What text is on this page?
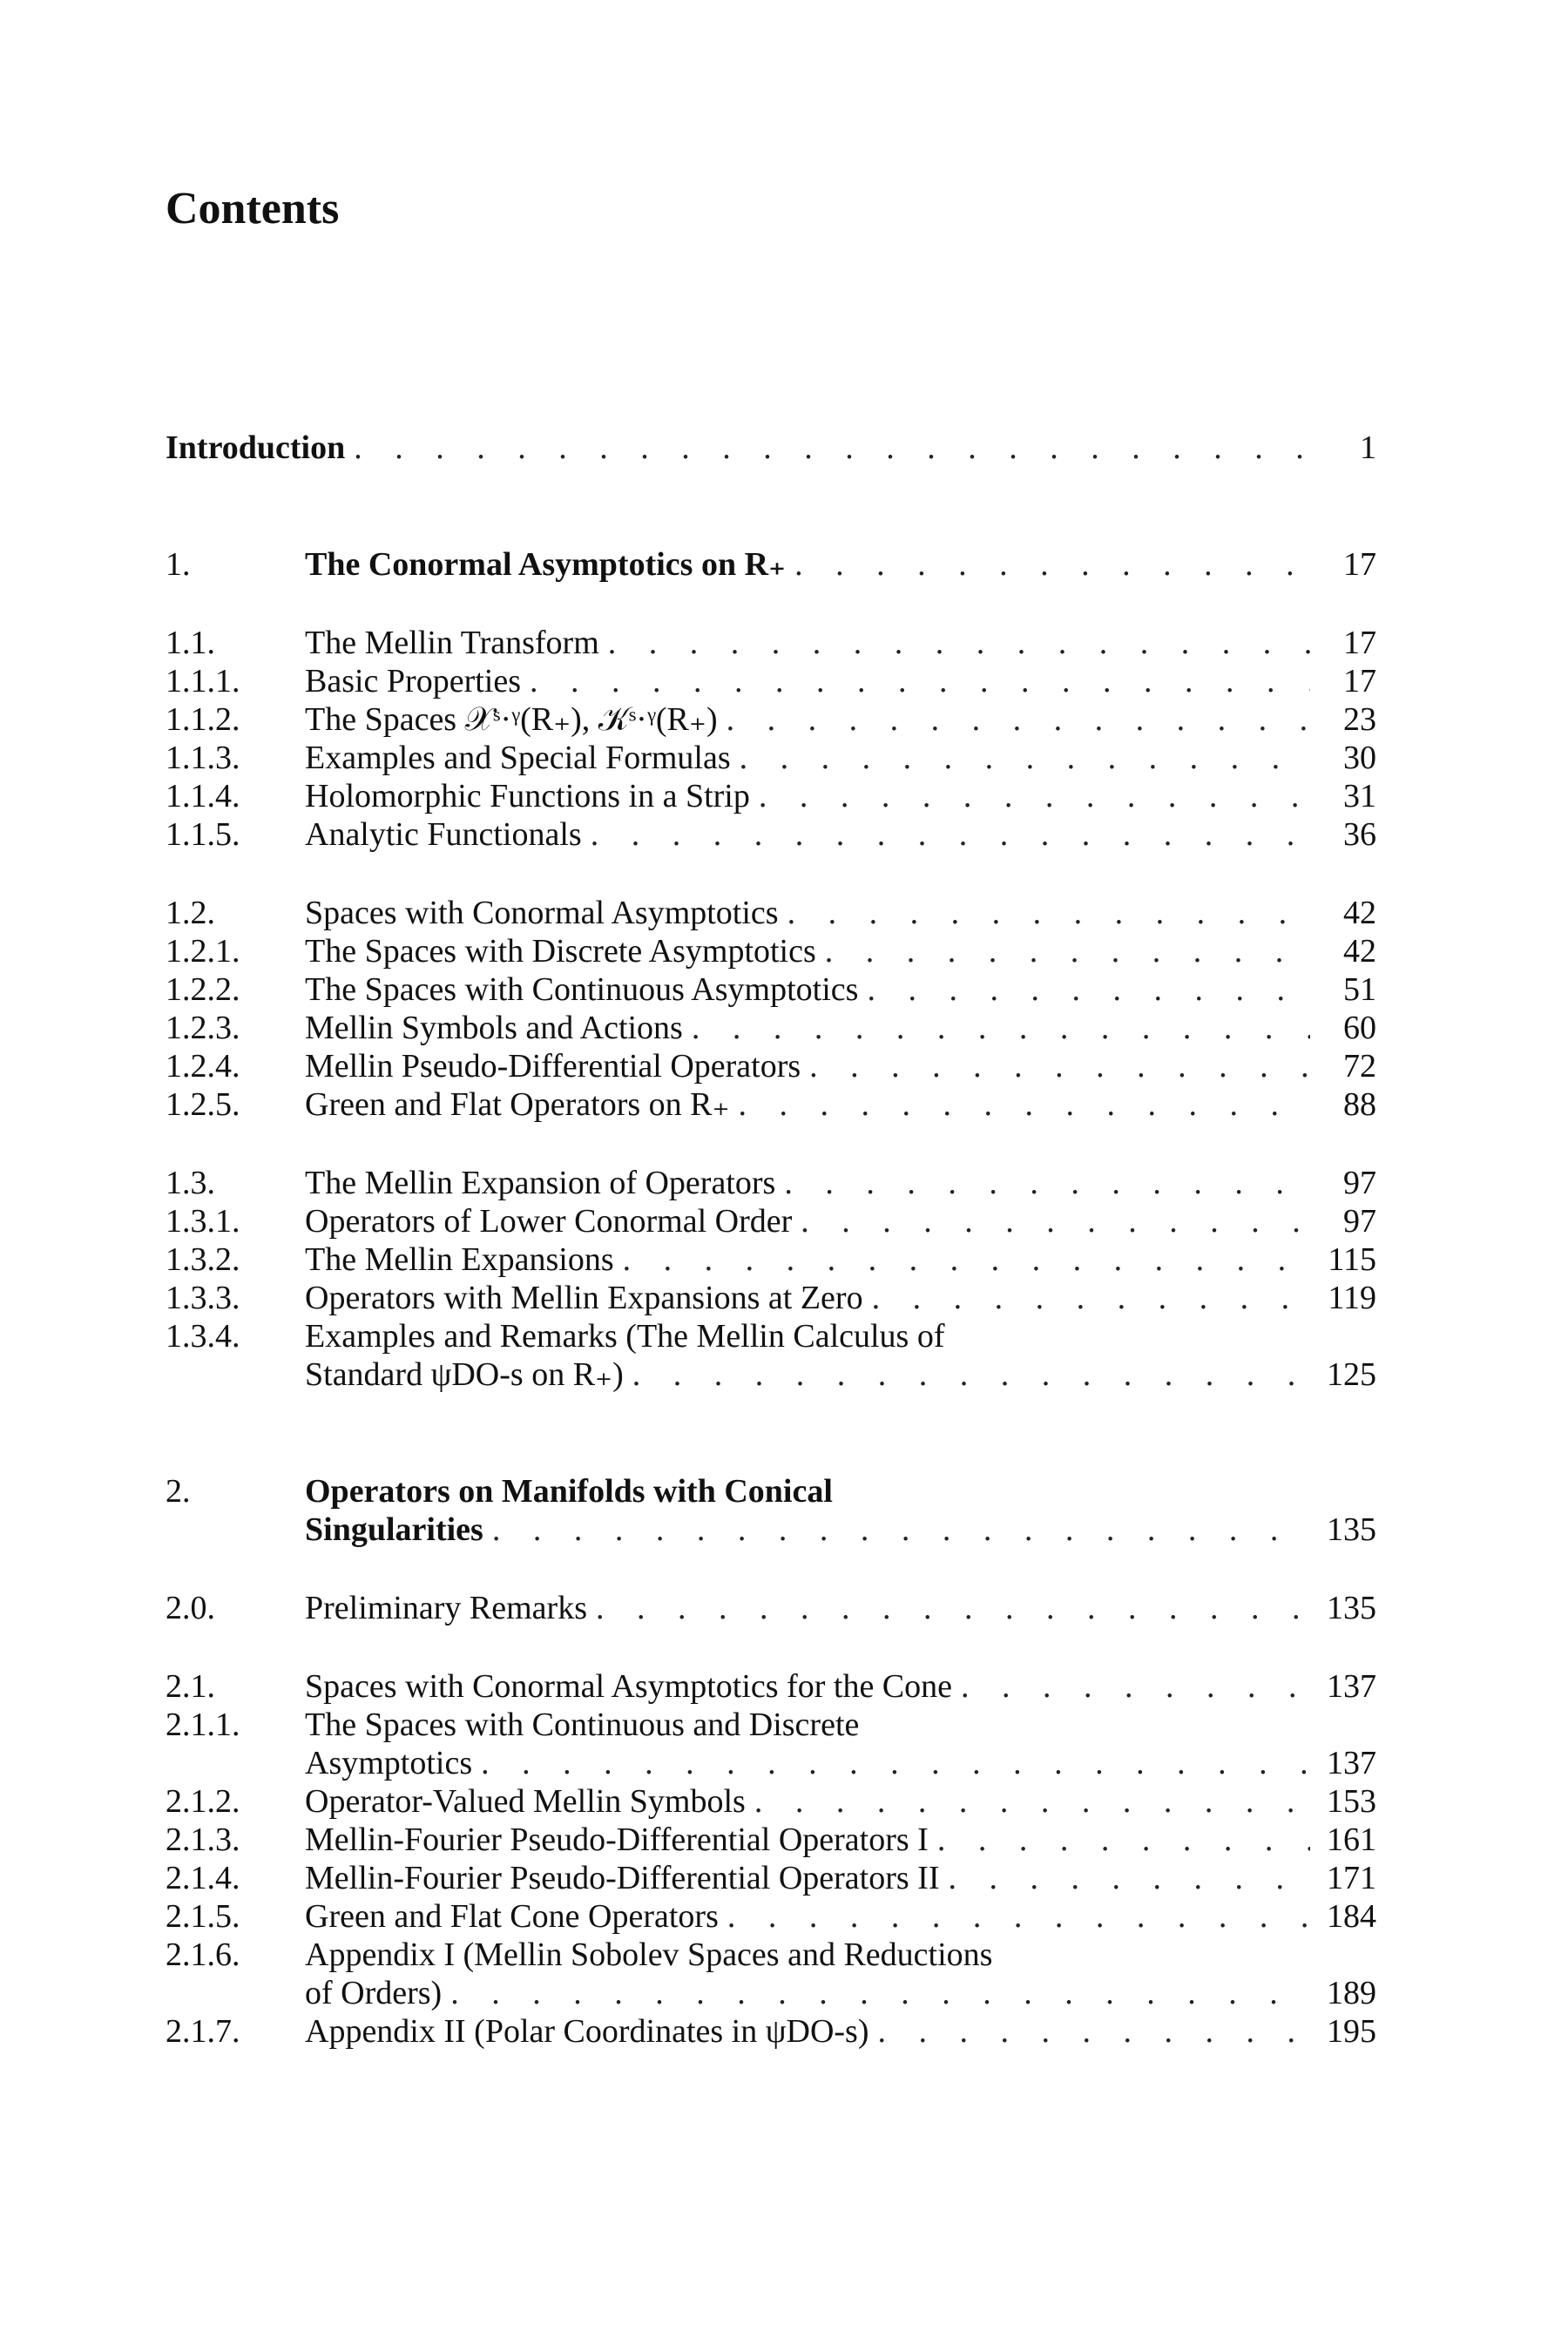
Contents
Introduction . . .	1
1.	The Conormal Asymptotics on R₊ . . .	17
1.1.	The Mellin Transform . . .	17
1.1.1. Basic Properties . . .	17
1.1.2. The Spaces 𝒳ˢ·ᵞ(R₊), 𝒦ˢ·ᵞ(R₊) . . .	23
1.1.3. Examples and Special Formulas . . .	30
1.1.4. Holomorphic Functions in a Strip . . .	31
1.1.5. Analytic Functionals . . .	36
1.2.	Spaces with Conormal Asymptotics . . .	42
1.2.1. The Spaces with Discrete Asymptotics . . .	42
1.2.2. The Spaces with Continuous Asymptotics . . .	51
1.2.3. Mellin Symbols and Actions . . .	60
1.2.4. Mellin Pseudo-Differential Operators . . .	72
1.2.5. Green and Flat Operators on R₊ . . .	88
1.3.	The Mellin Expansion of Operators . . .	97
1.3.1. Operators of Lower Conormal Order . . .	97
1.3.2. The Mellin Expansions . . .	115
1.3.3. Operators with Mellin Expansions at Zero . . .	119
1.3.4. Examples and Remarks (The Mellin Calculus of
Standard ψDO-s on R₊) . . .	125
2.	Operators on Manifolds with Conical
Singularities . . .	135
2.0.	Preliminary Remarks . . .	135
2.1.	Spaces with Conormal Asymptotics for the Cone . . .	137
2.1.1. The Spaces with Continuous and Discrete
Asymptotics . . .	137
2.1.2. Operator-Valued Mellin Symbols . . .	153
2.1.3. Mellin-Fourier Pseudo-Differential Operators I . . .	161
2.1.4. Mellin-Fourier Pseudo-Differential Operators II . . .	171
2.1.5. Green and Flat Cone Operators . . .	184
2.1.6. Appendix I (Mellin Sobolev Spaces and Reductions
of Orders) . . .	189
2.1.7. Appendix II (Polar Coordinates in ψDO-s) . . .	195
